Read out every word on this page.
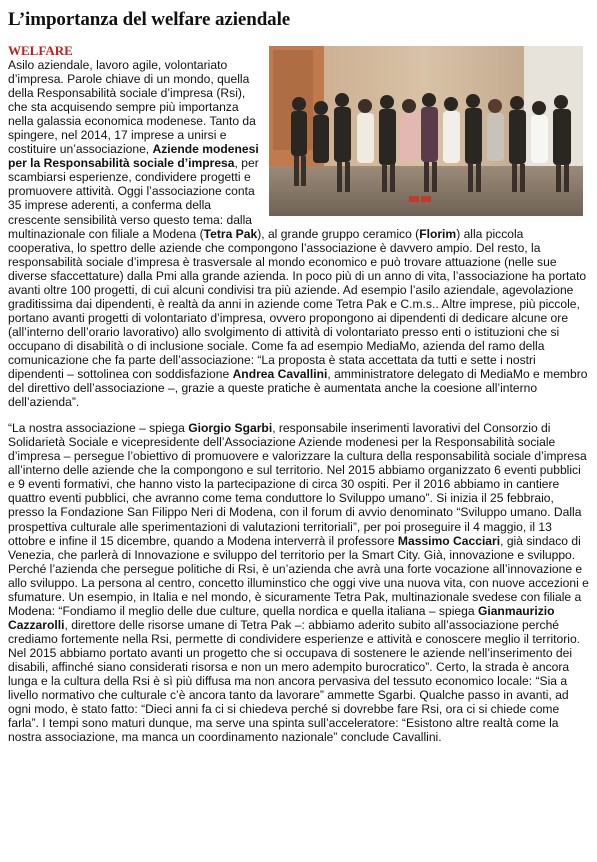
L’importanza del welfare aziendale
WELFARE
Asilo aziendale, lavoro agile, volontariato d’impresa. Parole chiave di un mondo, quella della Responsabilità sociale d’impresa (Rsi), che sta acquisendo sempre più importanza nella galassia economica modenese. Tanto da spingere, nel 2014, 17 imprese a unirsi e costituire un’associazione, Aziende modenesi per la Responsabilità sociale d’impresa, per scambiarsi esperienze, condividere progetti e promuovere attività. Oggi l’associazione conta 35 imprese aderenti, a conferma della crescente sensibilità verso questo tema: dalla multinazionale con filiale a Modena (Tetra Pak), al grande gruppo ceramico (Florim) alla piccola cooperativa, lo spettro delle aziende che compongono l’associazione è davvero ampio. Del resto, la responsabilità sociale d’impresa è trasversale al mondo economico e può trovare attuazione (nelle sue diverse sfaccettature) dalla Pmi alla grande azienda. In poco più di un anno di vita, l’associazione ha portato avanti oltre 100 progetti, di cui alcuni condivisi tra più aziende. Ad esempio l’asilo aziendale, agevolazione graditissima dai dipendenti, è realtà da anni in aziende come Tetra Pak e C.m.s.. Altre imprese, più piccole, portano avanti progetti di volontariato d’impresa, ovvero propongono ai dipendenti di dedicare alcune ore (all’interno dell’orario lavorativo) allo svolgimento di attività di volontariato presso enti o istituzioni che si occupano di disabilità o di inclusione sociale. Come fa ad esempio MediaMo, azienda del ramo della comunicazione che fa parte dell’associazione: “La proposta è stata accettata da tutti e sette i nostri dipendenti – sottolinea con soddisfazione Andrea Cavallini, amministratore delegato di MediaMo e membro del direttivo dell’associazione –, grazie a queste pratiche è aumentata anche la coesione all’interno dell’azienda”.
“La nostra associazione – spiega Giorgio Sgarbi, responsabile inserimenti lavorativi del Consorzio di Solidarietà Sociale e vicepresidente dell’Associazione Aziende modenesi per la Responsabilità sociale d’impresa – persegue l’obiettivo di promuovere e valorizzare la cultura della responsabilità sociale d’impresa all’interno delle aziende che la compongono e sul territorio. Nel 2015 abbiamo organizzato 6 eventi pubblici e 9 eventi formativi, che hanno visto la partecipazione di circa 30 ospiti. Per il 2016 abbiamo in cantiere quattro eventi pubblici, che avranno come tema conduttore lo Sviluppo umano”. Si inizia il 25 febbraio, presso la Fondazione San Filippo Neri di Modena, con il forum di avvio denominato “Sviluppo umano. Dalla prospettiva culturale alle sperimentazioni di valutazioni territoriali”, per poi proseguire il 4 maggio, il 13 ottobre e infine il 15 dicembre, quando a Modena interverrà il professore Massimo Cacciari, già sindaco di Venezia, che parlerà di Innovazione e sviluppo del territorio per la Smart City. Già, innovazione e sviluppo. Perché l’azienda che persegue politiche di Rsi, è un’azienda che avrà una forte vocazione all’innovazione e allo sviluppo. La persona al centro, concetto illuminstico che oggi vive una nuova vita, con nuove accezioni e sfumature. Un esempio, in Italia e nel mondo, è sicuramente Tetra Pak, multinazionale svedese con filiale a Modena: “Fondiamo il meglio delle due culture, quella nordica e quella italiana – spiega Gianmaurizio Cazzarolli, direttore delle risorse umane di Tetra Pak –: abbiamo aderito subito all’associazione perché crediamo fortemente nella Rsi, permette di condividere esperienze e attività e conoscere meglio il territorio. Nel 2015 abbiamo portato avanti un progetto che si occupava di sostenere le aziende nell’inserimento dei disabili, affinché siano considerati risorsa e non un mero adempito burocratico”. Certo, la strada è ancora lunga e la cultura della Rsi è sì più diffusa ma non ancora pervasiva del tessuto economico locale: “Sia a livello normativo che culturale c’è ancora tanto da lavorare” ammette Sgarbi. Qualche passo in avanti, ad ogni modo, è stato fatto: “Dieci anni fa ci si chiedeva perché si dovrebbe fare Rsi, ora ci si chiede come farla”. I tempi sono maturi dunque, ma serve una spinta sull’acceleratore: “Esistono altre realtà come la nostra associazione, ma manca un coordinamento nazionale” conclude Cavallini.
